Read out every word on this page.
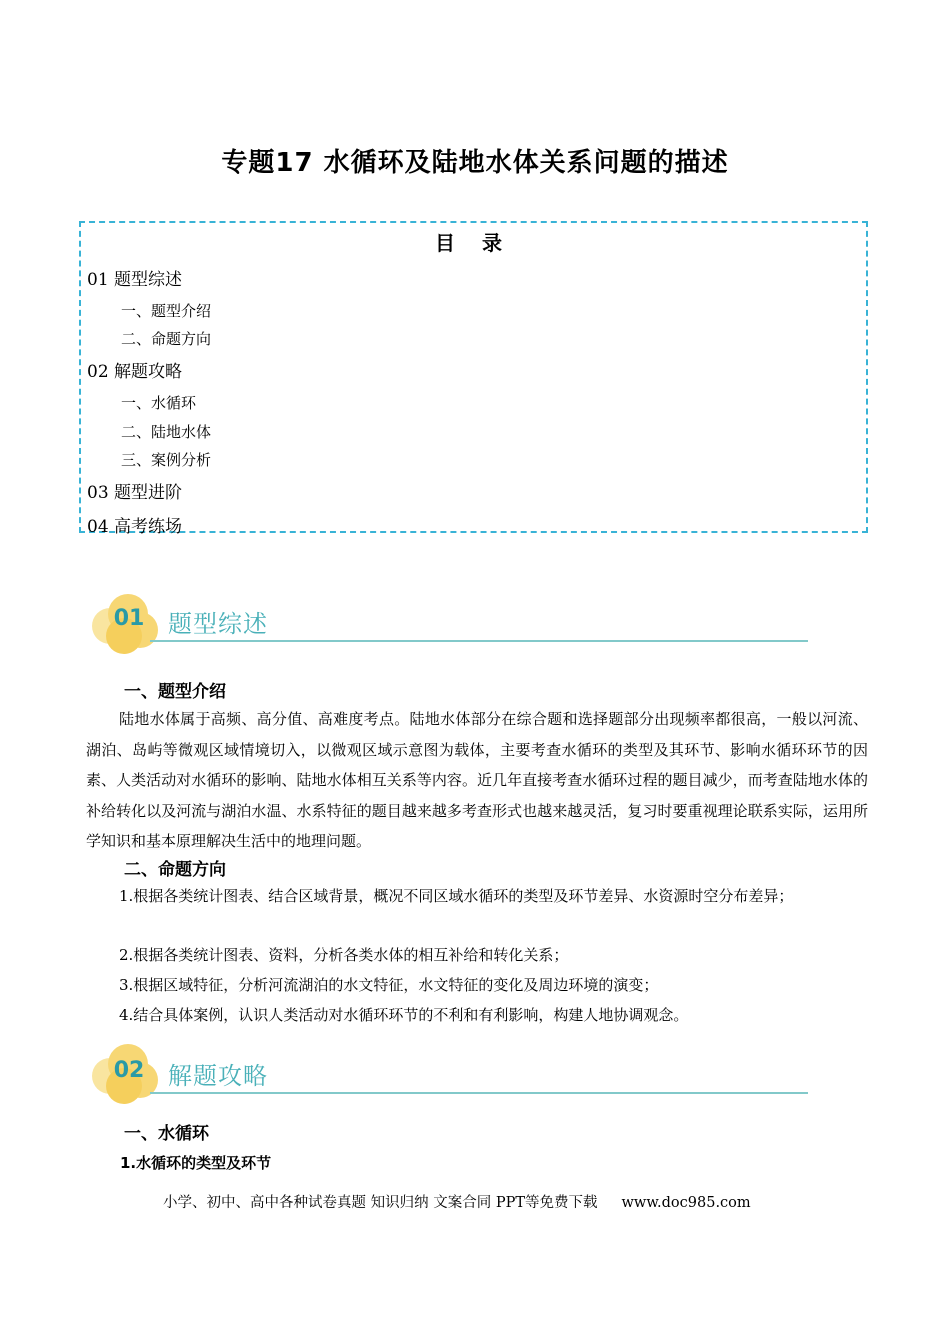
专题17 水循环及陆地水体关系问题的描述
目 录
01 题型综述
一、题型介绍
二、命题方向
02 解题攻略
一、水循环
二、陆地水体
三、案例分析
03 题型进阶
04 高考练场
01 题型综述
一、题型介绍
陆地水体属于高频、高分值、高难度考点。陆地水体部分在综合题和选择题部分出现频率都很高，一般以河流、湖泊、岛屿等微观区域情境切入，以微观区域示意图为载体，主要考查水循环的类型及其环节、影响水循环环节的因素、人类活动对水循环的影响、陆地水体相互关系等内容。近几年直接考查水循环过程的题目减少，而考查陆地水体的补给转化以及河流与湖泊水温、水系特征的题目越来越多考查形式也越来越灵活，复习时要重视理论联系实际，运用所学知识和基本原理解决生活中的地理问题。
二、命题方向
1.根据各类统计图表、结合区域背景，概况不同区域水循环的类型及环节差异、水资源时空分布差异；
2.根据各类统计图表、资料，分析各类水体的相互补给和转化关系；
3.根据区域特征，分析河流湖泊的水文特征，水文特征的变化及周边环境的演变；
4.结合具体案例，认识人类活动对水循环环节的不利和有利影响，构建人地协调观念。
02 解题攻略
一、水循环
1.水循环的类型及环节
小学、初中、高中各种试卷真题 知识归纳 文案合同 PPT等免费下载 www.doc985.com
